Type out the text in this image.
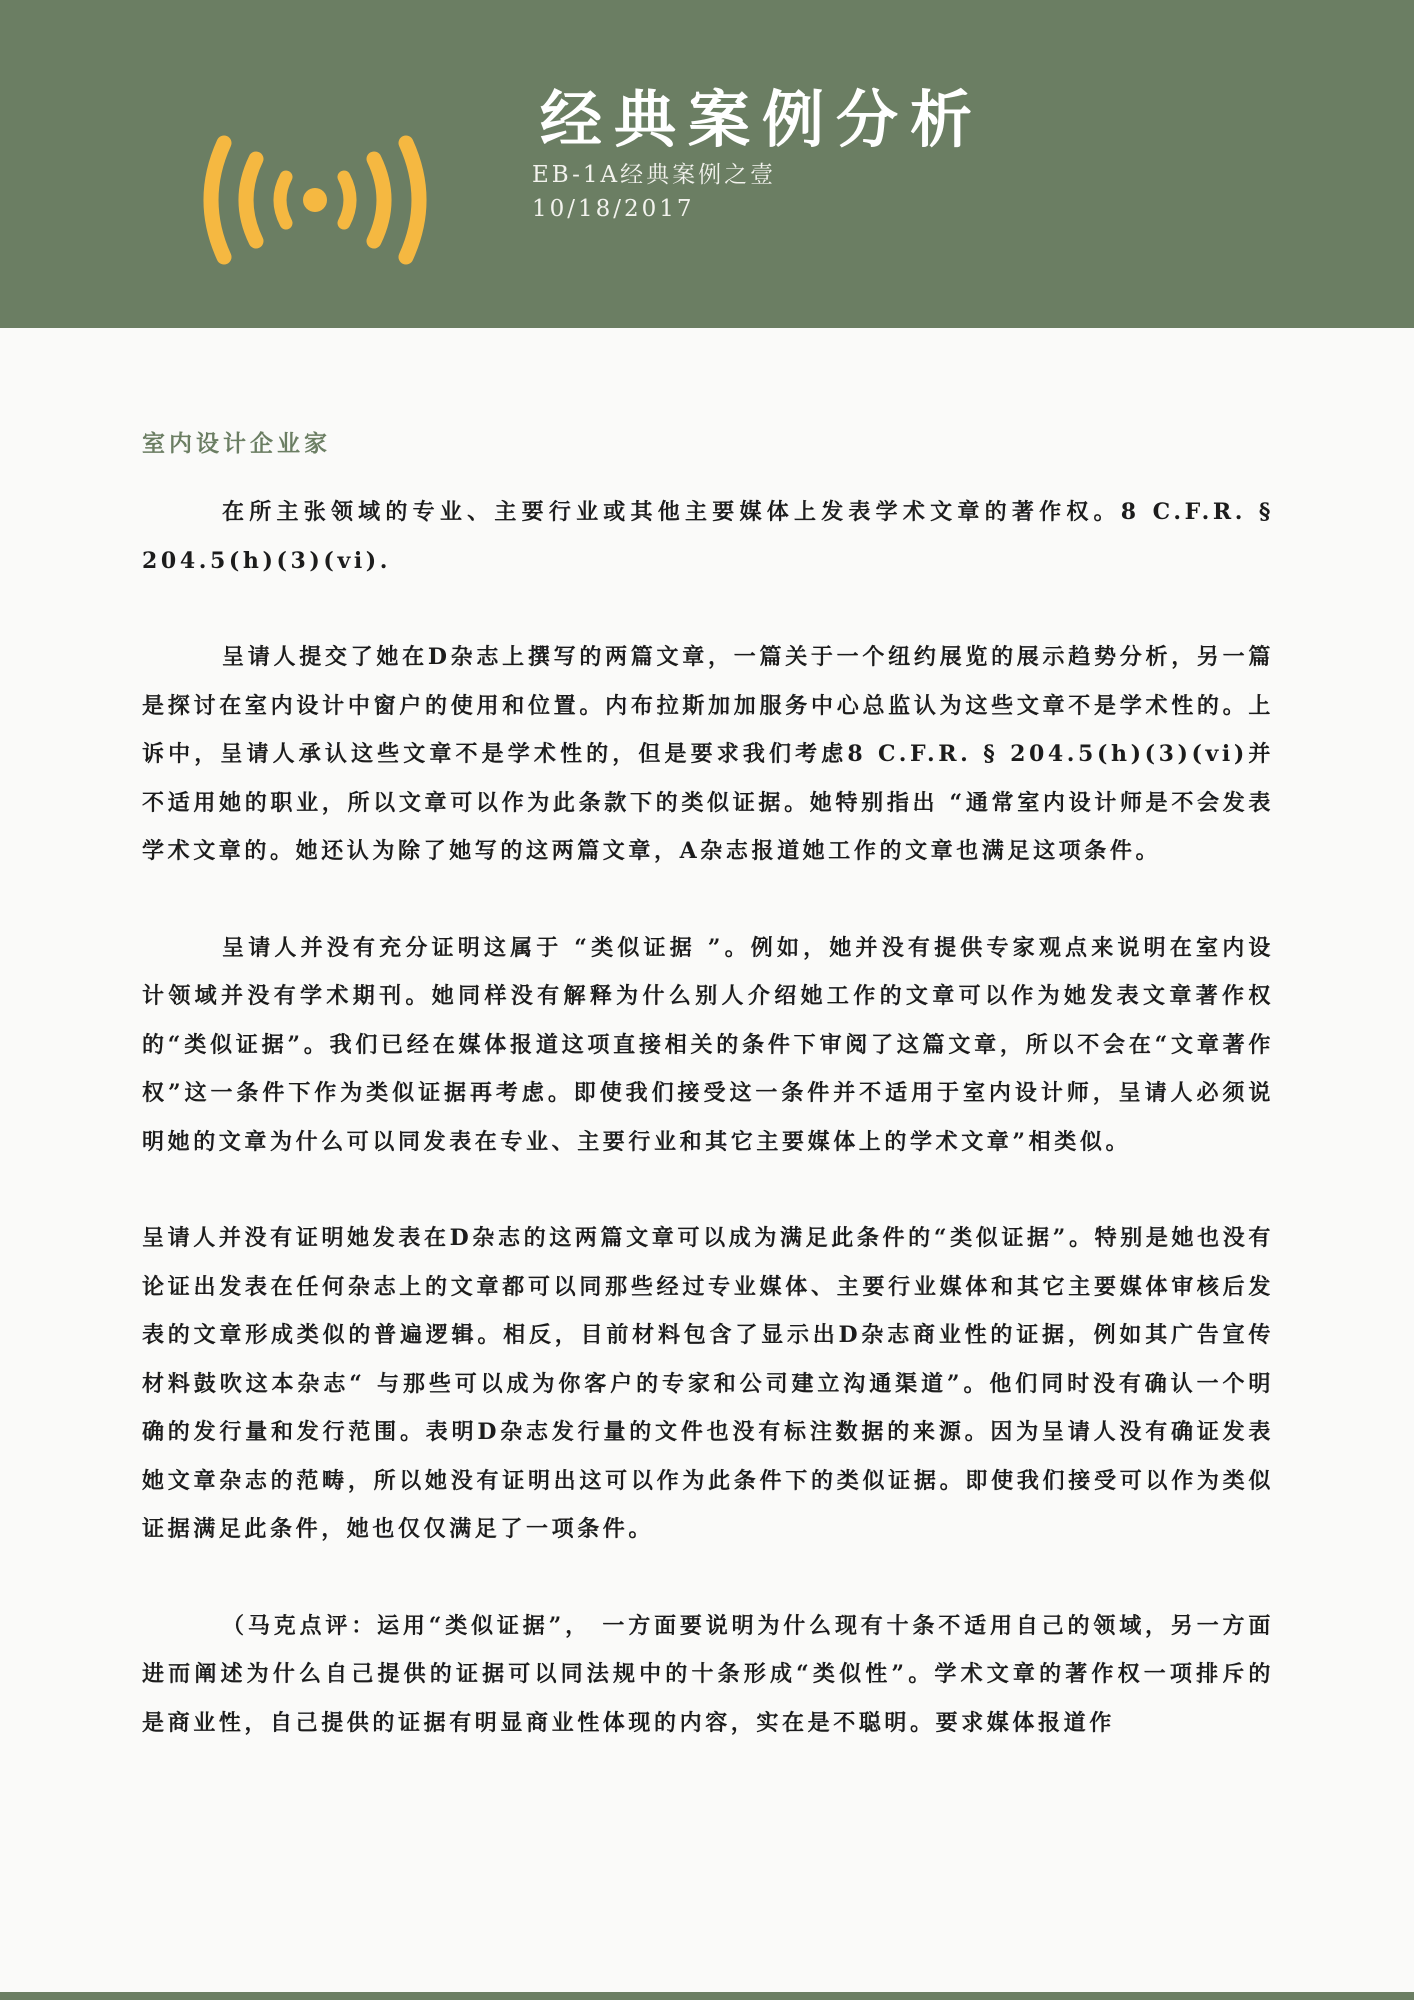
经典案例分析
EB-1A经典案例之壹
10/18/2017
室内设计企业家

在所主张领域的专业、主要行业或其他主要媒体上发表学术文章的著作权。8 C.F.R. § 204.5(h)(3)(vi).

呈请人提交了她在D杂志上撰写的两篇文章，一篇关于一个纽约展览的展示趋势分析，另一篇是探讨在室内设计中窗户的使用和位置。内布拉斯加加服务中心总监认为这些文章不是学术性的。上诉中，呈请人承认这些文章不是学术性的，但是要求我们考虑8 C.F.R. § 204.5(h)(3)(vi)并不适用她的职业，所以文章可以作为此条款下的类似证据。她特别指出 “通常室内设计师是不会发表学术文章的。她还认为除了她写的这两篇文章，A杂志报道她工作的文章也满足这项条件。

呈请人并没有充分证明这属于 “类似证据 ”。例如，她并没有提供专家观点来说明在室内设计领域并没有学术期刊。她同样没有解释为什么别人介绍她工作的文章可以作为她发表文章著作权的“类似证据”。我们已经在媒体报道这项直接相关的条件下审阅了这篇文章，所以不会在“文章著作权”这一条件下作为类似证据再考虑。即使我们接受这一条件并不适用于室内设计师，呈请人必须说明她的文章为什么可以同发表在专业、主要行业和其它主要媒体上的学术文章”相类似。

呈请人并没有证明她发表在D杂志的这两篇文章可以成为满足此条件的“类似证据”。特别是她也没有论证出发表在任何杂志上的文章都可以同那些经过专业媒体、主要行业媒体和其它主要媒体审核后发表的文章形成类似的普遍逻辑。相反，目前材料包含了显示出D杂志商业性的证据，例如其广告宣传材料鼓吹这本杂志“ 与那些可以成为你客户的专家和公司建立沟通渠道”。他们同时没有确认一个明确的发行量和发行范围。表明D杂志发行量的文件也没有标注数据的来源。因为呈请人没有确证发表她文章杂志的范畴，所以她没有证明出这可以作为此条件下的类似证据。即使我们接受可以作为类似证据满足此条件，她也仅仅满足了一项条件。

（马克点评：运用“类似证据”， 一方面要说明为什么现有十条不适用自己的领域，另一方面进而阐述为什么自己提供的证据可以同法规中的十条形成“类似性”。学术文章的著作权一项排斥的是商业性，自己提供的证据有明显商业性体现的内容，实在是不聪明。要求媒体报道作
